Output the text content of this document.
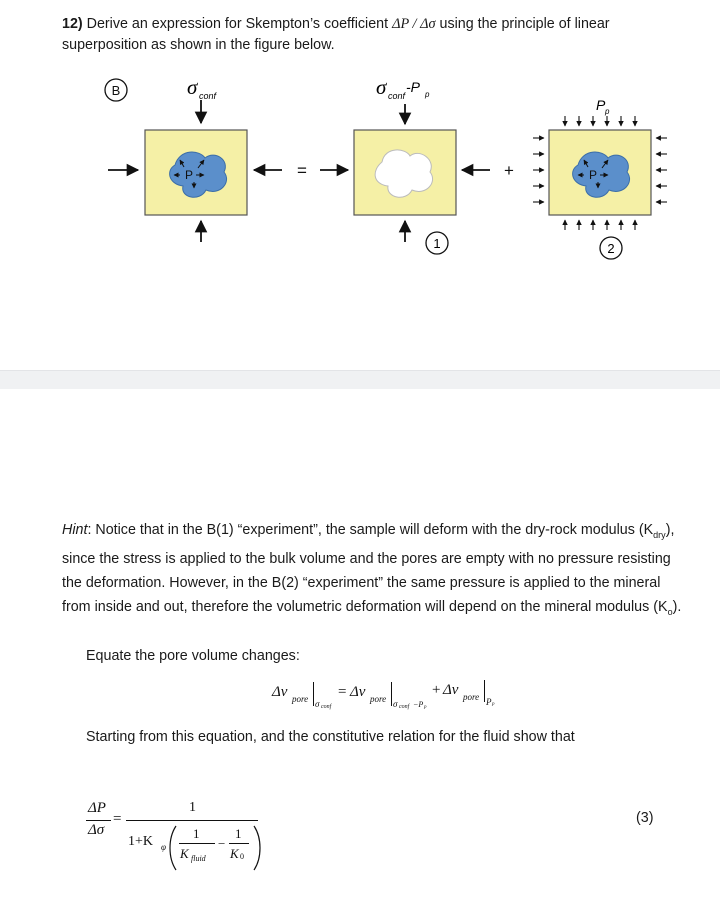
12) Derive an expression for Skempton’s coefficient ΔP / Δσ using the principle of linear superposition as shown in the figure below.
B	σ conf
P	=
σ conf
-P p
1
+
P p
P
2
Hint: Notice that in the B(1) “experiment”, the sample will deform with the dry-rock modulus $(K_{dry})$, since the stress is applied to the bulk volume and the pores are empty with no pressure resisting the deformation. However, in the B(2) “experiment” the same pressure is applied to the mineral from inside and out, therefore the volumetric deformation will depend on the mineral modulus $(K_o)$.
Equate the pore volume changes:
Δv pore σ conf
= Δv pore σ conf −P p
+ Δv pore P p
Starting from this equation, and the constitutive relation for the fluid show that
ΔP
Δσ
=
1
1+K φ
1
K fluid
−
1
K 0
(3)
